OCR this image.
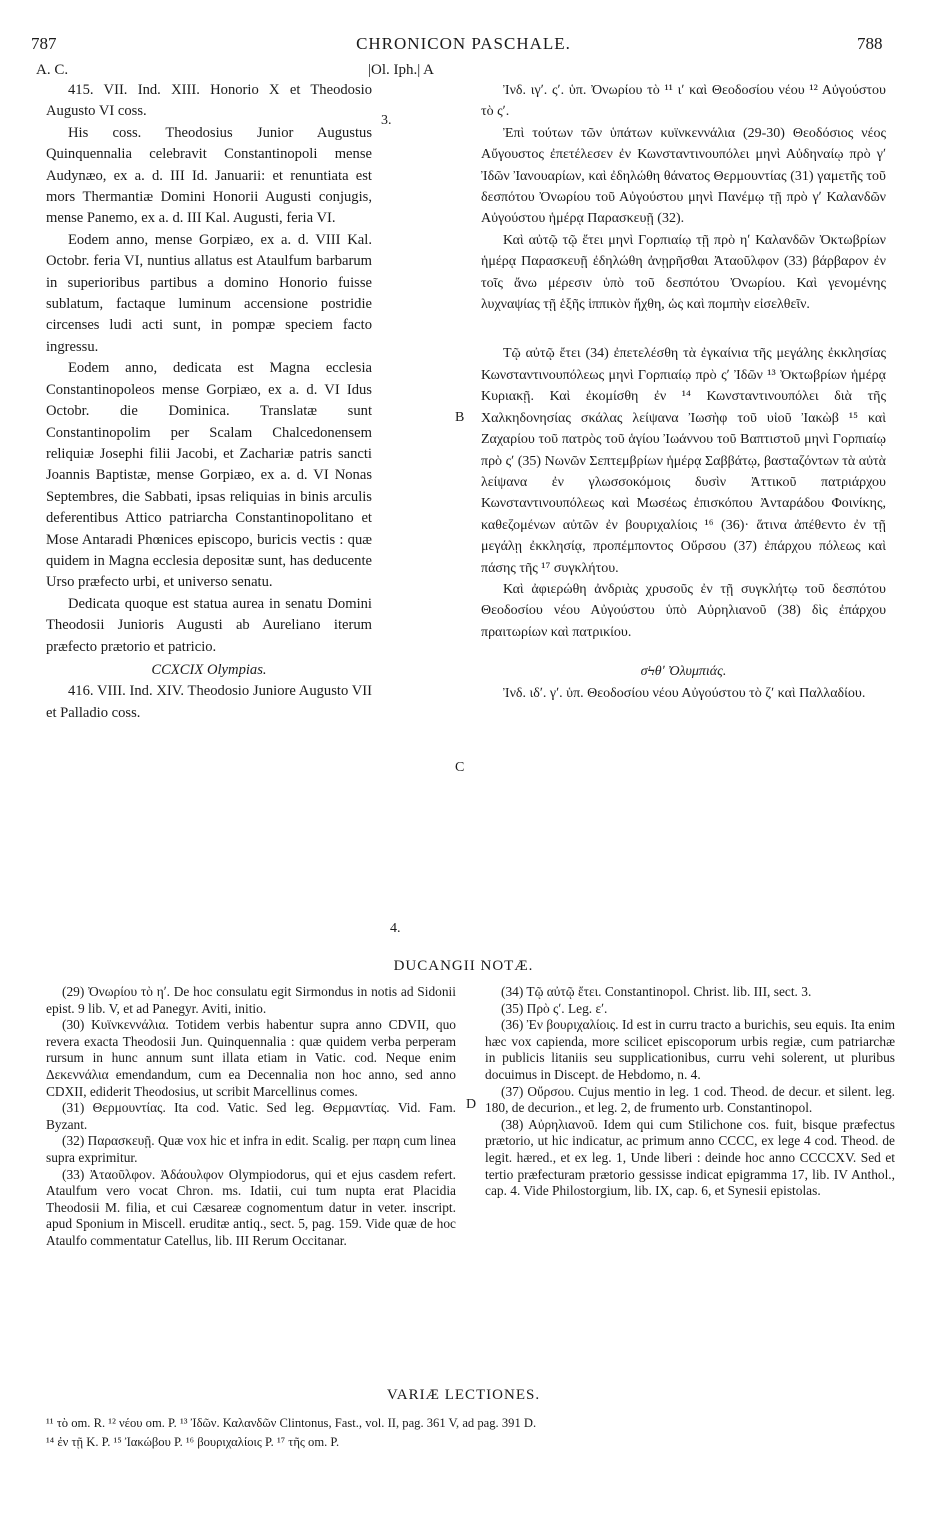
787	CHRONICON PASCHALE.	788
A. C.	|Ol. Iph.| A
3.
B
C
4.
D

415. VII. Ind. XIII. Honorio X et Theodosio Augusto VI coss.

His coss. Theodosius Junior Augustus Quinquennalia celebravit Constantinopoli mense Audynæo, ex a. d. III Id. Januarii: et renuntiata est mors Thermantiæ Domini Honorii Augusti conjugis, mense Panemo, ex a. d. III Kal. Augusti, feria VI.

Eodem anno, mense Gorpiæo, ex a. d. VIII Kal. Octobr. feria VI, nuntius allatus est Ataulfum barbarum in superioribus partibus a domino Honorio fuisse sublatum, factaque luminum accensione postridie circenses ludi acti sunt, in pompæ speciem facto ingressu.

Eodem anno, dedicata est Magna ecclesia Constantinopoleos mense Gorpiæo, ex a. d. VI Idus Octobr. die Dominica. Translatæ sunt Constantinopolim per Scalam Chalcedonensem reliquiæ Josephi filii Jacobi, et Zachariæ patris sancti Joannis Baptistæ, mense Gorpiæo, ex a. d. VI Nonas Septembres, die Sabbati, ipsas reliquias in binis arculis deferentibus Attico patriarcha Constantinopolitano et Mose Antaradi Phœnices episcopo, buricis vectis : quæ quidem in Magna ecclesia depositæ sunt, has deducente Urso præfecto urbi, et universo senatu.

Dedicata quoque est statua aurea in senatu Domini Theodosii Junioris Augusti ab Aureliano iterum præfecto prætorio et patricio.

CCXCIX Olympias.

416. VIII. Ind. XIV. Theodosio Juniore Augusto VII et Palladio coss.

Ἰνδ. ιγʹ. ςʹ. ὑπ. Ὀνωρίου τὸ ¹¹ ιʹ καὶ Θεοδοσίου νέου ¹² Αὐγούστου τὸ ςʹ.

Ἐπὶ τούτων τῶν ὑπάτων κυϊνκεννάλια (29-30) Θεοδόσιος νέος Αὔγουστος ἐπετέλεσεν ἐν Κωνσταντινουπόλει μηνὶ Αὐδηναίῳ πρὸ γʹ Ἰδῶν Ἰανουαρίων, καὶ ἐδηλώθη θάνατος Θερμουντίας (31) γαμετῆς τοῦ δεσπότου Ὀνωρίου τοῦ Αὐγούστου μηνὶ Πανέμῳ τῇ πρὸ γʹ Καλανδῶν Αὐγούστου ἡμέρᾳ Παρασκευῇ (32).

Καὶ αὐτῷ τῷ ἔτει μηνὶ Γορπιαίῳ τῇ πρὸ ηʹ Καλανδῶν Ὀκτωβρίων ἡμέρᾳ Παρασκευῇ ἐδηλώθη ἀνῃρῆσθαι Ἀταοῦλφον (33) βάρβαρον ἐν τοῖς ἄνω μέρεσιν ὑπὸ τοῦ δεσπότου Ὀνωρίου. Καὶ γενομένης λυχναψίας τῇ ἑξῆς ἱππικὸν ἤχθη, ὡς καὶ πομπὴν εἰσελθεῖν.

Τῷ αὐτῷ ἔτει (34) ἐπετελέσθη τὰ ἐγκαίνια τῆς μεγάλης ἐκκλησίας Κωνσταντινουπόλεως μηνὶ Γορπιαίῳ πρὸ ςʹ Ἰδῶν ¹³ Ὀκτωβρίων ἡμέρᾳ Κυριακῇ. Καὶ ἐκομίσθη ἐν ¹⁴ Κωνσταντινουπόλει διὰ τῆς Χαλκηδονησίας σκάλας λείψανα Ἰωσὴφ τοῦ υἱοῦ Ἰακὼβ ¹⁵ καὶ Ζαχαρίου τοῦ πατρὸς τοῦ ἁγίου Ἰωάννου τοῦ Βαπτιστοῦ μηνὶ Γορπιαίῳ πρὸ ςʹ (35) Νωνῶν Σεπτεμβρίων ἡμέρᾳ Σαββάτῳ, βασταζόντων τὰ αὐτὰ λείψανα ἐν γλωσσοκόμοις δυσὶν Ἀττικοῦ πατριάρχου Κωνσταντινουπόλεως καὶ Μωσέως ἐπισκόπου Ἀνταράδου Φοινίκης, καθεζομένων αὐτῶν ἐν βουριχαλίοις ¹⁶ (36)· ἅτινα ἀπέθεντο ἐν τῇ μεγάλῃ ἐκκλησίᾳ, προπέμποντος Οὔρσου (37) ἐπάρχου πόλεως καὶ πάσης τῆς ¹⁷ συγκλήτου.

Καὶ ἀφιερώθη ἀνδριὰς χρυσοῦς ἐν τῇ συγκλήτῳ τοῦ δεσπότου Θεοδοσίου νέου Αὐγούστου ὑπὸ Αὐρηλιανοῦ (38) δὶς ἐπάρχου πραιτωρίων καὶ πατρικίου.

σϞθʹ Ὀλυμπιάς.

Ἰνδ. ιδʹ. γʹ. ὑπ. Θεοδοσίου νέου Αὐγούστου τὸ ζʹ καὶ Παλλαδίου.

DUCANGII NOTÆ.

(29) Ὀνωρίου τὸ ηʹ. De hoc consulatu egit Sirmondus in notis ad Sidonii epist. 9 lib. V, et ad Panegyr. Aviti, initio.

(30) Κυϊνκεννάλια. Totidem verbis habentur supra anno CDVII, quo revera exacta Theodosii Jun. Quinquennalia : quæ quidem verba perperam rursum in hunc annum sunt illata etiam in Vatic. cod. Neque enim Δεκεννάλια emendandum, cum ea Decennalia non hoc anno, sed anno CDXII, ediderit Theodosius, ut scribit Marcellinus comes.

(31) Θερμουντίας. Ita cod. Vatic. Sed leg. Θερμαντίας. Vid. Fam. Byzant.

(32) Παρασκευῇ. Quæ vox hic et infra in edit. Scalig. per παρη cum linea supra exprimitur.

(33) Ἀταοῦλφον. Ἀδάουλφον Olympiodorus, qui et ejus casdem refert. Ataulfum vero vocat Chron. ms. Idatii, cui tum nupta erat Placidia Theodosii M. filia, et cui Cæsareæ cognomentum datur in veter. inscript. apud Sponium in Miscell. eruditæ antiq., sect. 5, pag. 159. Vide quæ de hoc Ataulfo commentatur Catellus, lib. III Rerum Occitanar.

(34) Τῷ αὐτῷ ἔτει. Constantinopol. Christ. lib. III, sect. 3.

(35) Πρὸ ςʹ. Leg. εʹ.

(36) Ἐν βουριχαλίοις. Id est in curru tracto a burichis, seu equis. Ita enim hæc vox capienda, more scilicet episcoporum urbis regiæ, cum patriarchæ in publicis litaniis seu supplicationibus, curru vehi solerent, ut pluribus docuimus in Discept. de Hebdomo, n. 4.

(37) Οὔρσου. Cujus mentio in leg. 1 cod. Theod. de decur. et silent. leg. 180, de decurion., et leg. 2, de frumento urb. Constantinopol.

(38) Αὐρηλιανοῦ. Idem qui cum Stilichone cos. fuit, bisque præfectus prætorio, ut hic indicatur, ac primum anno CCCC, ex lege 4 cod. Theod. de legit. hæred., et ex leg. 1, Unde liberi : deinde hoc anno CCCCXV. Sed et tertio præfecturam prætorio gessisse indicat epigramma 17, lib. IV Anthol., cap. 4. Vide Philostorgium, lib. IX, cap. 6, et Synesii epistolas.

VARIÆ LECTIONES.
¹¹ τὸ om. R. ¹² νέου om. P. ¹³ Ἰδῶν. Καλανδῶν Clintonus, Fast., vol. II, pag. 361 V, ad pag. 391 D.
¹⁴ ἐν τῇ Κ. P. ¹⁵ Ἰακώβου P. ¹⁶ βουριχαλίοις P. ¹⁷ τῆς om. P.
